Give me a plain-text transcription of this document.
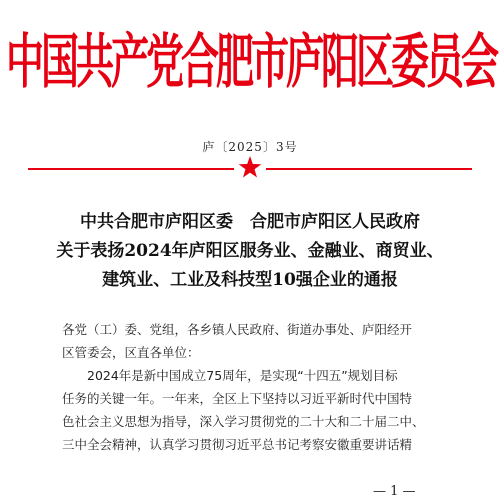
中国共产党合肥市庐阳区委员会
庐〔2025〕3号
中共合肥市庐阳区委　合肥市庐阳区人民政府
关于表扬2024年庐阳区服务业、金融业、商贸业、
建筑业、工业及科技型10强企业的通报
各党（工）委、党组，各乡镇人民政府、街道办事处、庐阳经开
区管委会，区直各单位：
2024年是新中国成立75周年，是实现“十四五”规划目标
任务的关键一年。一年来，全区上下坚持以习近平新时代中国特
色社会主义思想为指导，深入学习贯彻党的二十大和二十届二中、
三中全会精神，认真学习贯彻习近平总书记考察安徽重要讲话精
— 1 —
